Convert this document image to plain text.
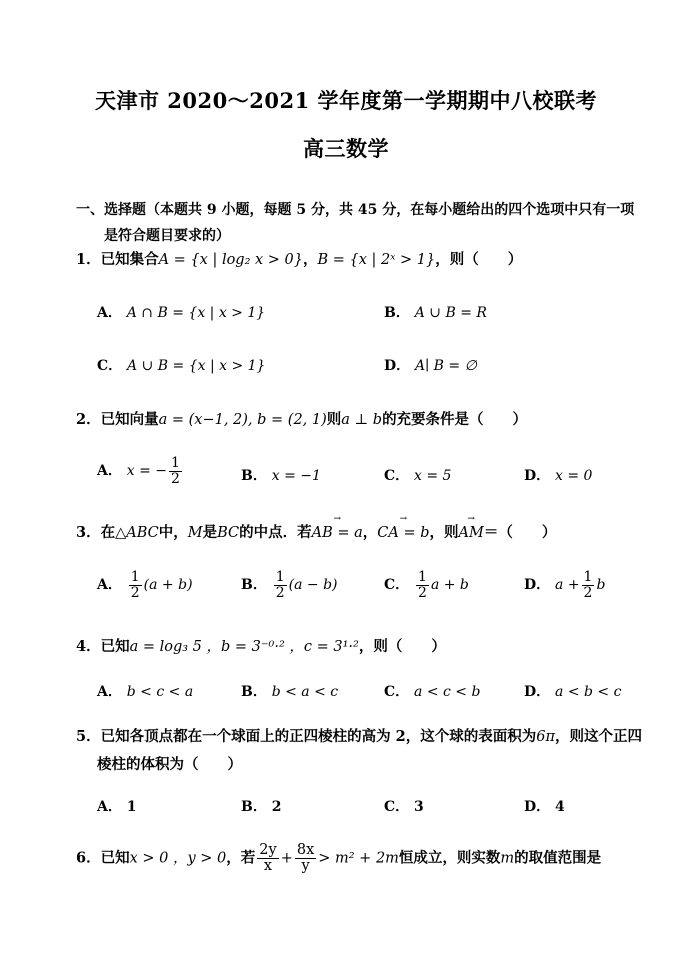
天津市 2020～2021 学年度第一学期期中八校联考
高三数学
一、选择题（本题共 9 小题，每题 5 分，共 45 分，在每小题给出的四个选项中只有一项
是符合题目要求的）
1．已知集合A = {x | log₂ x > 0}，B = {x | 2ˣ > 1}，则（　　）
A． A ∩ B = {x | x > 1}	B． A ∪ B = R
C． A ∪ B = {x | x > 1}	D． A∣ B = ∅
2．已知向量a = (x−1, 2), b = (2, 1)则a ⊥ b的充要条件是（　　）
A． x = − $\frac{1}{2}$	B． x = −1	C． x = 5	D． x = 0
3．在△ABC中，M是BC的中点．若→ AB = a，→ CA = b，则→ AM＝（　　）
A． $\frac{1}{2} (a + b)$	B． $\frac{1}{2} (a - b)$	C． $\frac{1}{2}$ a + b	D． $a + \frac{1}{2}$ b
4．已知a = log₃ 5 ，b = 3⁻⁰·² ，c = 3¹·²，则（　　）
A． b < c < a	B． b < a < c	C． a < c < b	D． a < b < c
5．已知各顶点都在一个球面上的正四棱柱的高为 2，这个球的表面积为6π，则这个正四
棱柱的体积为（　　）
A． 1	B． 2	C． 3	D． 4
6．已知x > 0 ，y > 0，若 $\frac{2y}{x} + \frac{8x}{y} > m^2 + 2m$恒成立，则实数m的取值范围是
